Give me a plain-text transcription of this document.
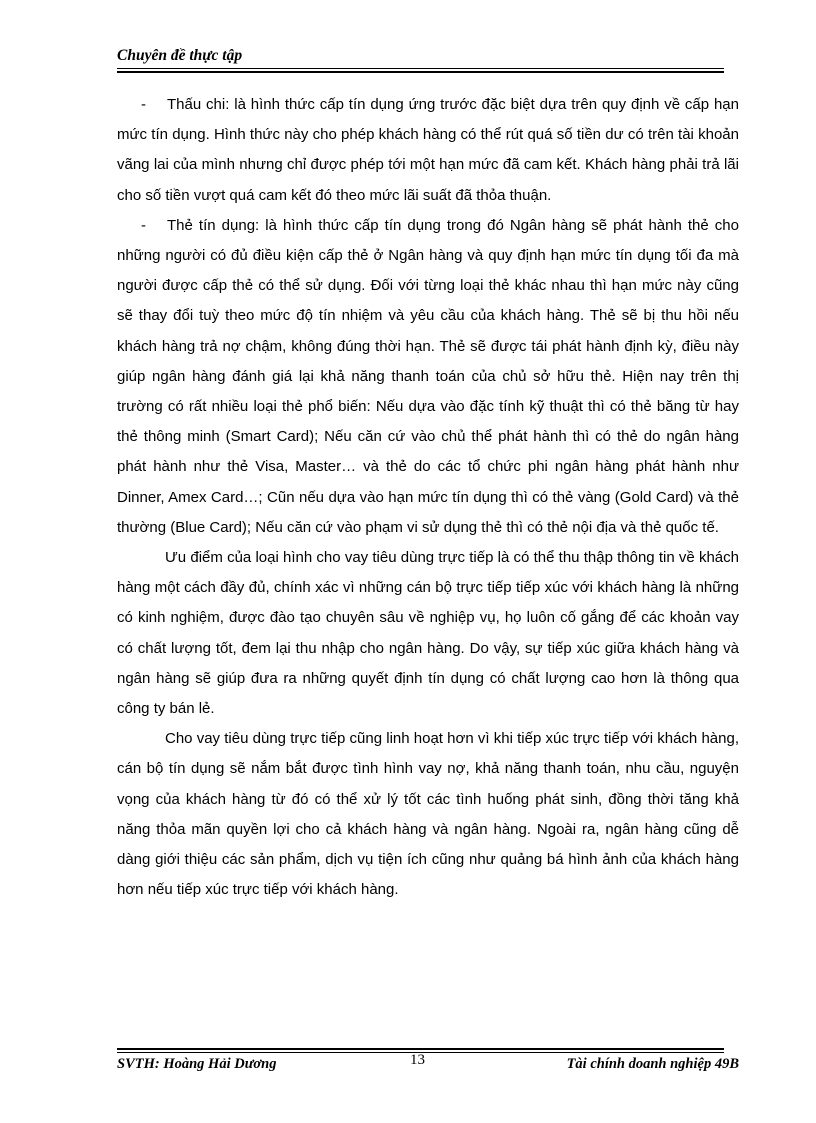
Chuyên đề thực tập

- Thấu chi: là hình thức cấp tín dụng ứng trước đặc biệt dựa trên quy định về cấp hạn mức tín dụng. Hình thức này cho phép khách hàng có thể rút quá số tiền dư có trên tài khoản vãng lai của mình nhưng chỉ được phép tới một hạn mức đã cam kết. Khách hàng phải trả lãi cho số tiền vượt quá cam kết đó theo mức lãi suất đã thỏa thuận.

- Thẻ tín dụng: là hình thức cấp tín dụng trong đó Ngân hàng sẽ phát hành thẻ cho những người có đủ điều kiện cấp thẻ ở Ngân hàng và quy định hạn mức tín dụng tối đa mà người được cấp thẻ có thể sử dụng. Đối với từng loại thẻ khác nhau thì hạn mức này cũng sẽ thay đổi tuỳ theo mức độ tín nhiệm và yêu cầu của khách hàng. Thẻ sẽ bị thu hồi nếu khách hàng trả nợ chậm, không đúng thời hạn. Thẻ sẽ được tái phát hành định kỳ, điều này giúp ngân hàng đánh giá lại khả năng thanh toán của chủ sở hữu thẻ. Hiện nay trên thị trường có rất nhiều loại thẻ phổ biến: Nếu dựa vào đặc tính kỹ thuật thì có thẻ băng từ hay thẻ thông minh (Smart Card); Nếu căn cứ vào chủ thể phát hành thì có thẻ do ngân hàng phát hành như thẻ Visa, Master… và thẻ do các tổ chức phi ngân hàng phát hành như Dinner, Amex Card…; Cũn nếu dựa vào hạn mức tín dụng thì có thẻ vàng (Gold Card) và thẻ thường (Blue Card); Nếu căn cứ vào phạm vi sử dụng thẻ thì có thẻ nội địa và thẻ quốc tế.

Ưu điểm của loại hình cho vay tiêu dùng trực tiếp là có thể thu thập thông tin về khách hàng một cách đầy đủ, chính xác vì những cán bộ trực tiếp tiếp xúc với khách hàng là những có kinh nghiệm, được đào tạo chuyên sâu về nghiệp vụ, họ luôn cố gắng để các khoản vay có chất lượng tốt, đem lại thu nhập cho ngân hàng. Do vậy, sự tiếp xúc giữa khách hàng và ngân hàng sẽ giúp đưa ra những quyết định tín dụng có chất lượng cao hơn là thông qua công ty bán lẻ.

Cho vay tiêu dùng trực tiếp cũng linh hoạt hơn vì khi tiếp xúc trực tiếp với khách hàng, cán bộ tín dụng sẽ nắm bắt được tình hình vay nợ, khả năng thanh toán, nhu cầu, nguyện vọng của khách hàng từ đó có thể xử lý tốt các tình huống phát sinh, đồng thời tăng khả năng thỏa mãn quyền lợi cho cả khách hàng và ngân hàng. Ngoài ra, ngân hàng cũng dễ dàng giới thiệu các sản phẩm, dịch vụ tiện ích cũng như quảng bá hình ảnh của khách hàng hơn nếu tiếp xúc trực tiếp với khách hàng.

SVTH: Hoàng Hải Dương	13	Tài chính doanh nghiệp 49B
